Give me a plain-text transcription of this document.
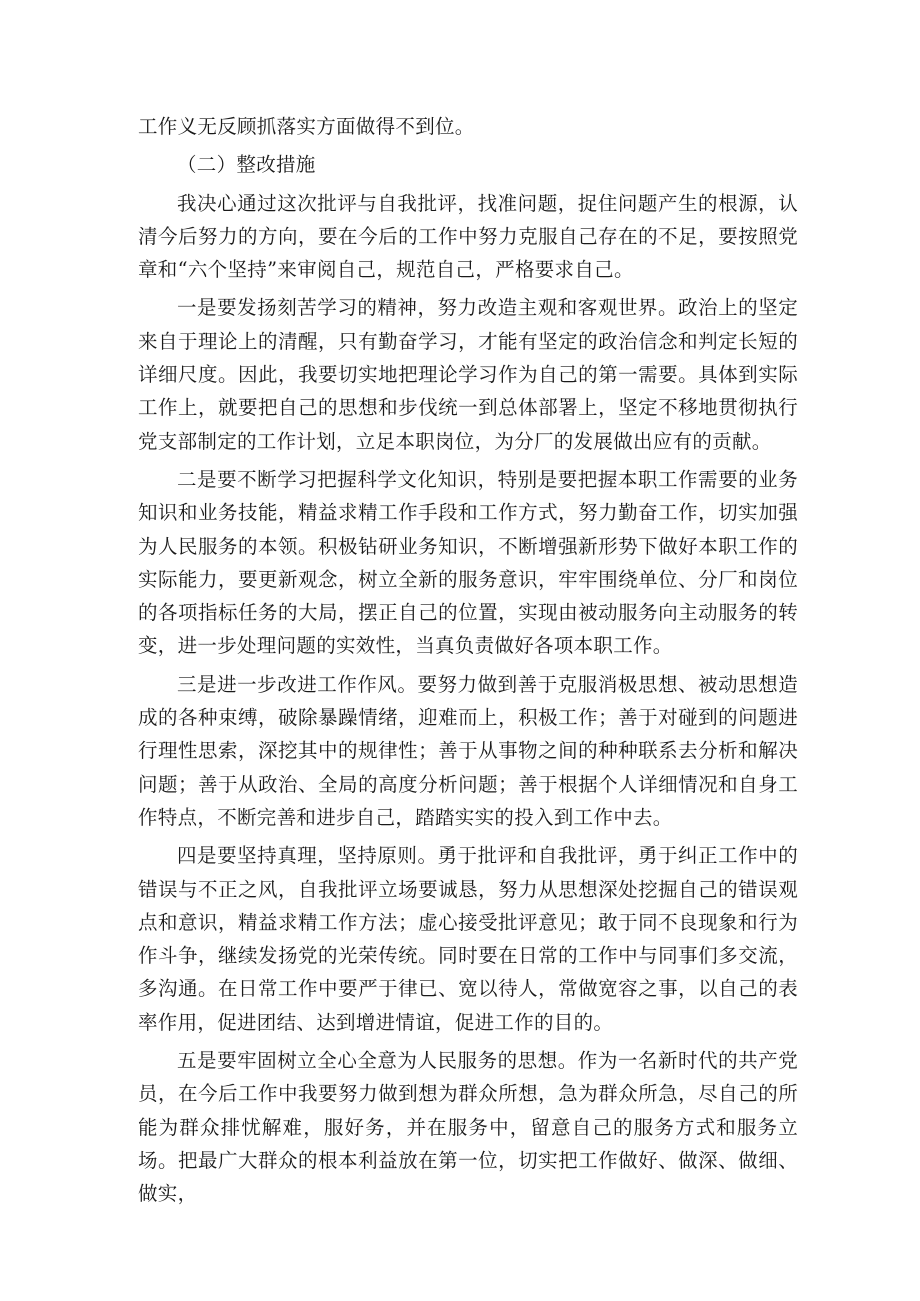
工作义无反顾抓落实方面做得不到位。

（二）整改措施

我决心通过这次批评与自我批评，找准问题，捉住问题产生的根源，认清今后努力的方向，要在今后的工作中努力克服自己存在的不足，要按照党章和“六个坚持”来审阅自己，规范自己，严格要求自己。

一是要发扬刻苦学习的精神，努力改造主观和客观世界。政治上的坚定来自于理论上的清醒，只有勤奋学习，才能有坚定的政治信念和判定长短的详细尺度。因此，我要切实地把理论学习作为自己的第一需要。具体到实际工作上，就要把自己的思想和步伐统一到总体部署上，坚定不移地贯彻执行党支部制定的工作计划，立足本职岗位，为分厂的发展做出应有的贡献。

二是要不断学习把握科学文化知识，特别是要把握本职工作需要的业务知识和业务技能，精益求精工作手段和工作方式，努力勤奋工作，切实加强为人民服务的本领。积极钻研业务知识，不断增强新形势下做好本职工作的实际能力，要更新观念，树立全新的服务意识，牢牢围绕单位、分厂和岗位的各项指标任务的大局，摆正自己的位置，实现由被动服务向主动服务的转变，进一步处理问题的实效性，当真负责做好各项本职工作。

三是进一步改进工作作风。要努力做到善于克服消极思想、被动思想造成的各种束缚，破除暴躁情绪，迎难而上，积极工作；善于对碰到的问题进行理性思索，深挖其中的规律性；善于从事物之间的种种联系去分析和解决问题；善于从政治、全局的高度分析问题；善于根据个人详细情况和自身工作特点，不断完善和进步自己，踏踏实实的投入到工作中去。

四是要坚持真理，坚持原则。勇于批评和自我批评，勇于纠正工作中的错误与不正之风，自我批评立场要诚恳，努力从思想深处挖掘自己的错误观点和意识，精益求精工作方法；虚心接受批评意见；敢于同不良现象和行为作斗争，继续发扬党的光荣传统。同时要在日常的工作中与同事们多交流，多沟通。在日常工作中要严于律已、宽以待人，常做宽容之事，以自己的表率作用，促进团结、达到增进情谊，促进工作的目的。

五是要牢固树立全心全意为人民服务的思想。作为一名新时代的共产党员，在今后工作中我要努力做到想为群众所想，急为群众所急，尽自己的所能为群众排忧解难，服好务，并在服务中，留意自己的服务方式和服务立场。把最广大群众的根本利益放在第一位，切实把工作做好、做深、做细、做实，
